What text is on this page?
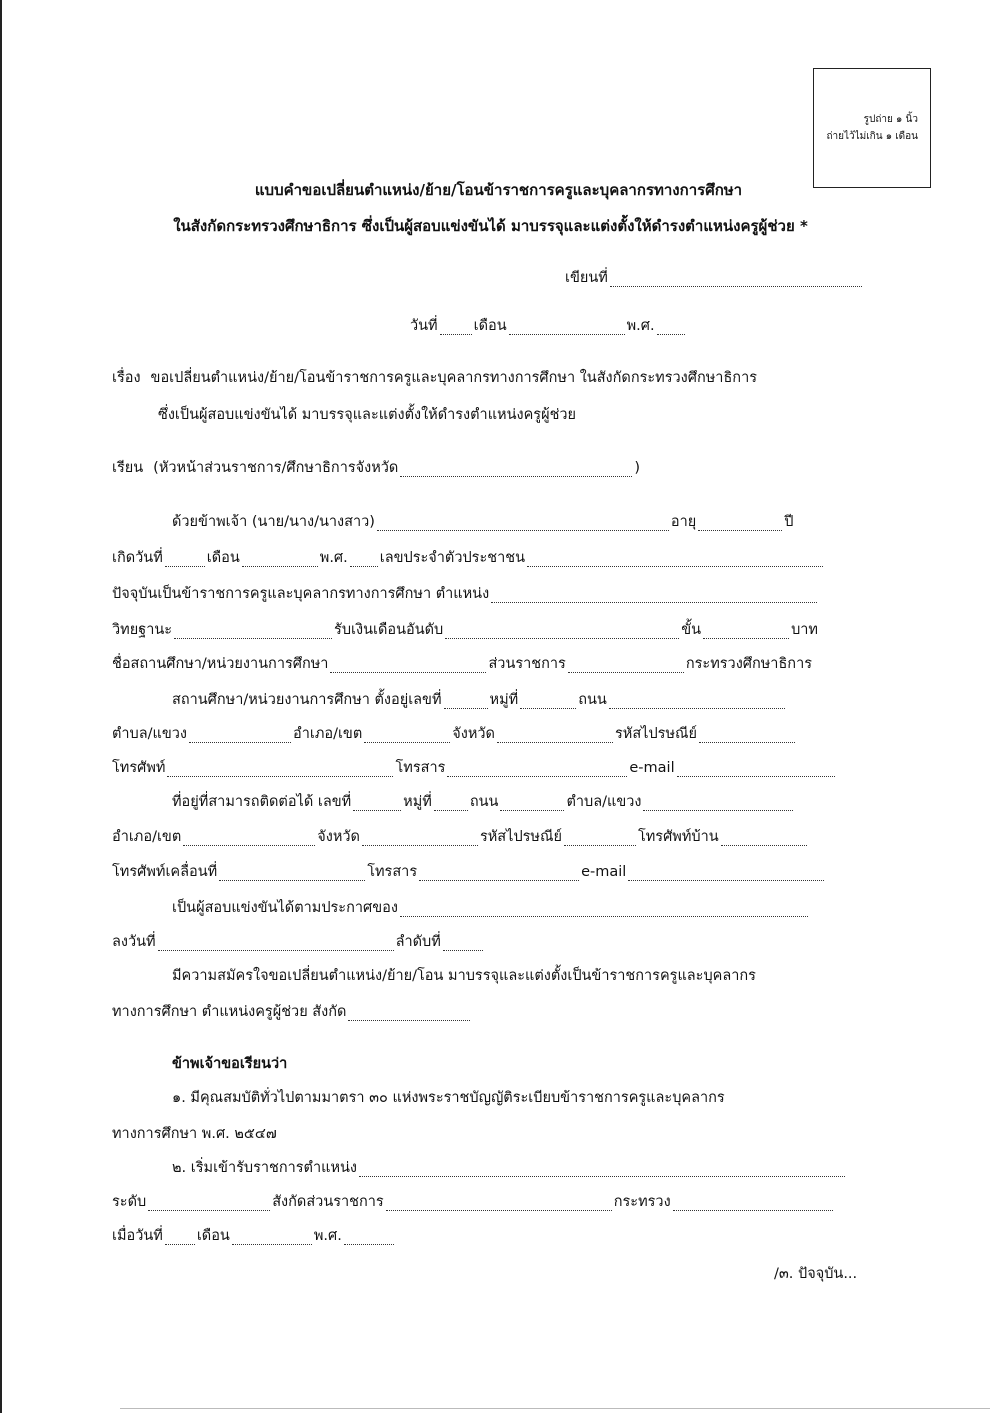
รูปถ่าย ๑ นิ้ว
ถ่ายไว้ไม่เกิน ๑ เดือน
แบบคำขอเปลี่ยนตำแหน่ง/ย้าย/โอนข้าราชการครูและบุคลากรทางการศึกษา
ในสังกัดกระทรวงศึกษาธิการ ซึ่งเป็นผู้สอบแข่งขันได้ มาบรรจุและแต่งตั้งให้ดำรงตำแหน่งครูผู้ช่วย *
เขียนที่
วันที่ เดือน	พ.ศ.
เรื่อง ขอเปลี่ยนตำแหน่ง/ย้าย/โอนข้าราชการครูและบุคลากรทางการศึกษา ในสังกัดกระทรวงศึกษาธิการ
ซึ่งเป็นผู้สอบแข่งขันได้ มาบรรจุและแต่งตั้งให้ดำรงตำแหน่งครูผู้ช่วย
เรียน (หัวหน้าส่วนราชการ/ศึกษาธิการจังหวัด	)
ด้วยข้าพเจ้า (นาย/นาง/นางสาว)	อายุ	ปี
เกิดวันที่	เดือน	พ.ศ. เลขประจำตัวประชาชน
ปัจจุบันเป็นข้าราชการครูและบุคลากรทางการศึกษา ตำแหน่ง
วิทยฐานะ	รับเงินเดือนอันดับ	ขั้น	บาท
ชื่อสถานศึกษา/หน่วยงานการศึกษา	ส่วนราชการ	กระทรวงศึกษาธิการ
สถานศึกษา/หน่วยงานการศึกษา ตั้งอยู่เลขที่	หมู่ที่	ถนน
ตำบล/แขวง	อำเภอ/เขต	จังหวัด	รหัสไปรษณีย์
โทรศัพท์	โทรสาร	e-mail
ที่อยู่ที่สามารถติดต่อได้ เลขที่	หมู่ที่	ถนน	ตำบล/แขวง
อำเภอ/เขต	จังหวัด	รหัสไปรษณีย์	โทรศัพท์บ้าน
โทรศัพท์เคลื่อนที่	โทรสาร	e-mail
เป็นผู้สอบแข่งขันได้ตามประกาศของ
ลงวันที่	ลำดับที่
มีความสมัครใจขอเปลี่ยนตำแหน่ง/ย้าย/โอน มาบรรจุและแต่งตั้งเป็นข้าราชการครูและบุคลากร
ทางการศึกษา ตำแหน่งครูผู้ช่วย สังกัด
ข้าพเจ้าขอเรียนว่า
๑. มีคุณสมบัติทั่วไปตามมาตรา ๓๐ แห่งพระราชบัญญัติระเบียบข้าราชการครูและบุคลากร
ทางการศึกษา พ.ศ. ๒๕๔๗
๒. เริ่มเข้ารับราชการตำแหน่ง
ระดับ	สังกัดส่วนราชการ	กระทรวง
เมื่อวันที่ เดือน	พ.ศ.
/๓. ปัจจุบัน...
